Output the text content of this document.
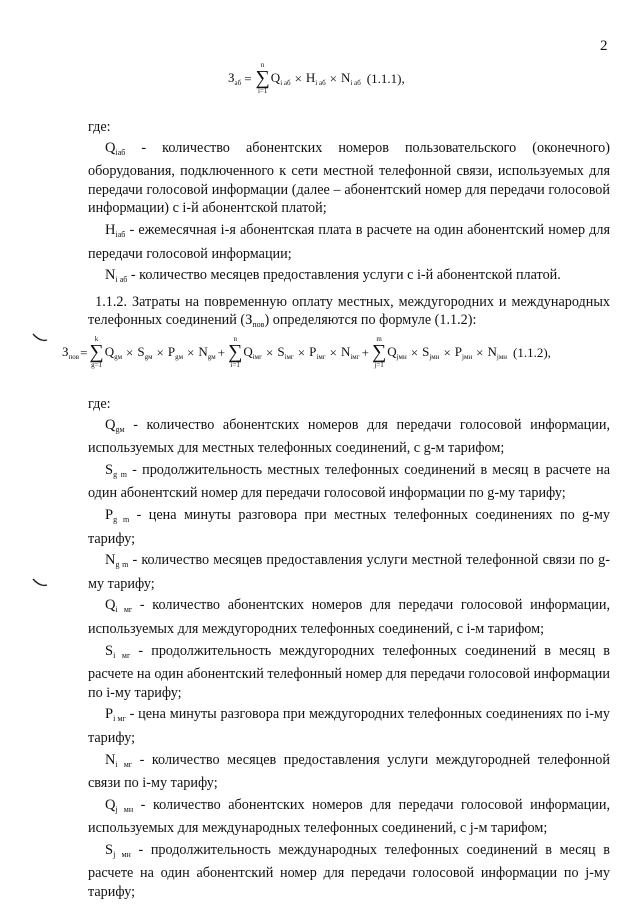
2
$З_{аб}$ =
n
∑
i=1
$Q_{i аб} \times Н_{i аб} \times N_{i аб}$ (1.1.1),
где:

$Q_{iаб}$ - количество абонентских номеров пользовательского (оконечного) оборудования, подключенного к сети местной телефонной связи, используемых для передачи голосовой информации (далее – абонентский номер для передачи голосовой информации) с i-й абонентской платой;

$Н_{iаб}$ - ежемесячная i-я абонентская плата в расчете на один абонентский номер для передачи голосовой информации;

$N_{i аб}$ - количество месяцев предоставления услуги с i-й абонентской платой.

1.1.2. Затраты на повременную оплату местных, междугородних и международных телефонных соединений $(З_{пов})$ определяются по формуле (1.1.2):

$З_{пов}$ =
k
∑
g=1
$Q_{gм} \times S_{gм} \times P_{gм} \times N_{gм}$ +
n
∑
i=1
$Q_{iмг} \times S_{iмг} \times P_{iмг} \times N_{iмг}$ +
m
∑
j=1
$Q_{jмн} \times S_{jмн} \times P_{jмн} \times N_{jмн}$ (1.1.2),
где:

$Q_{gм}$ - количество абонентских номеров для передачи голосовой информации, используемых для местных телефонных соединений, с g-м тарифом;

$S_{g m}$ - продолжительность местных телефонных соединений в месяц в расчете на один абонентский номер для передачи голосовой информации по g-му тарифу;

$P_{g m}$ - цена минуты разговора при местных телефонных соединениях по g-му тарифу;

$N_{g m}$ - количество месяцев предоставления услуги местной телефонной связи по g-му тарифу;

$Q_{i мг}$ - количество абонентских номеров для передачи голосовой информации, используемых для междугородних телефонных соединений, с i-м тарифом;

$S_{i мг}$ - продолжительность междугородних телефонных соединений в месяц в расчете на один абонентский телефонный номер для передачи голосовой информации по i-му тарифу;

$P_{i мг}$ - цена минуты разговора при междугородних телефонных соединениях по i-му тарифу;

$N_{i мг}$ - количество месяцев предоставления услуги междугородней телефонной связи по i-му тарифу;

$Q_{j мн}$ - количество абонентских номеров для передачи голосовой информации, используемых для международных телефонных соединений, с j-м тарифом;

$S_{j мн}$ - продолжительность международных телефонных соединений в месяц в расчете на один абонентский номер для передачи голосовой информации по j-му тарифу;
